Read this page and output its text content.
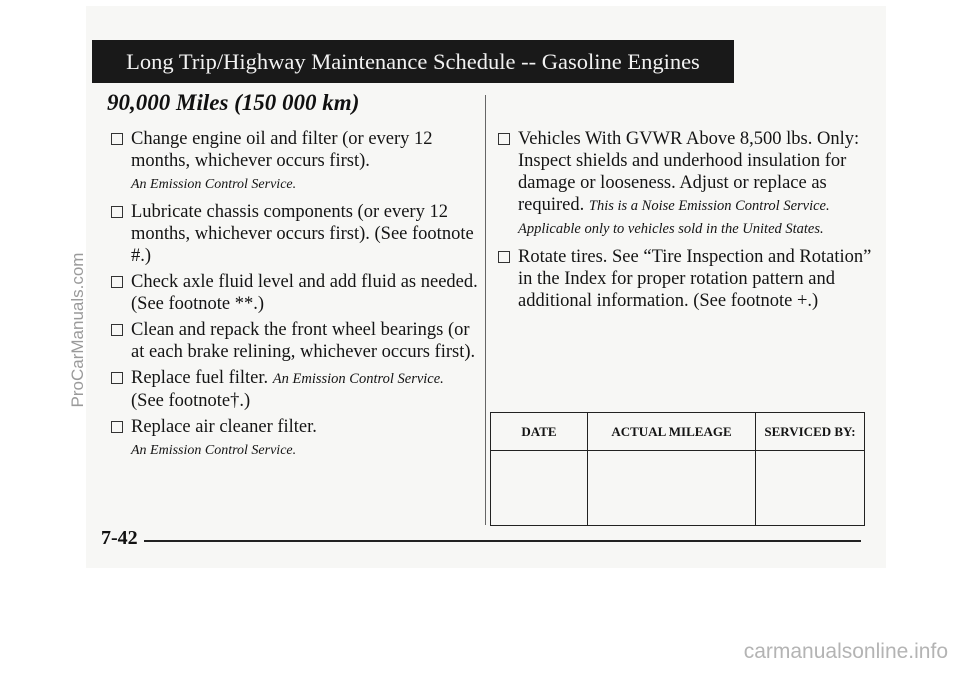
Long Trip/Highway Maintenance Schedule -- Gasoline Engines
90,000 Miles (150 000 km)
Change engine oil and filter (or every 12 months, whichever occurs first).
An Emission Control Service.
Lubricate chassis components (or every 12 months, whichever occurs first). (See footnote #.)
Check axle fluid level and add fluid as needed. (See footnote **.)
Clean and repack the front wheel bearings (or at each brake relining, whichever occurs first).
Replace fuel filter. An Emission Control Service.
(See footnote†.)
Replace air cleaner filter.
An Emission Control Service.
Vehicles With GVWR Above 8,500 lbs. Only: Inspect shields and underhood insulation for damage or looseness. Adjust or replace as required. This is a Noise Emission Control Service. Applicable only to vehicles sold in the United States.
Rotate tires. See “Tire Inspection and Rotation” in the Index for proper rotation pattern and additional information. (See footnote +.)
DATE	ACTUAL MILEAGE	SERVICED BY:
7-42
ProCarManuals.com
carmanualsonline.info
